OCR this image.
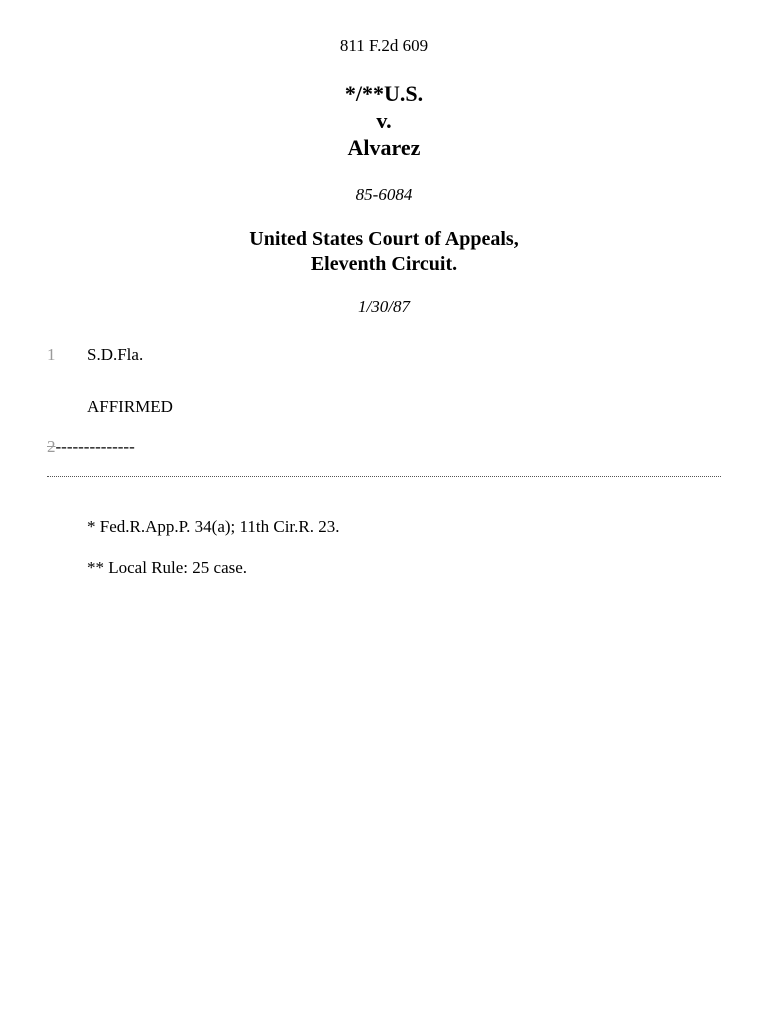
811 F.2d 609
*/**U.S.
v.
Alvarez
85-6084
United States Court of Appeals,
Eleventh Circuit.
1/30/87
1 S.D.Fla.
AFFIRMED
2--------------
* Fed.R.App.P. 34(a); 11th Cir.R. 23.
** Local Rule: 25 case.
